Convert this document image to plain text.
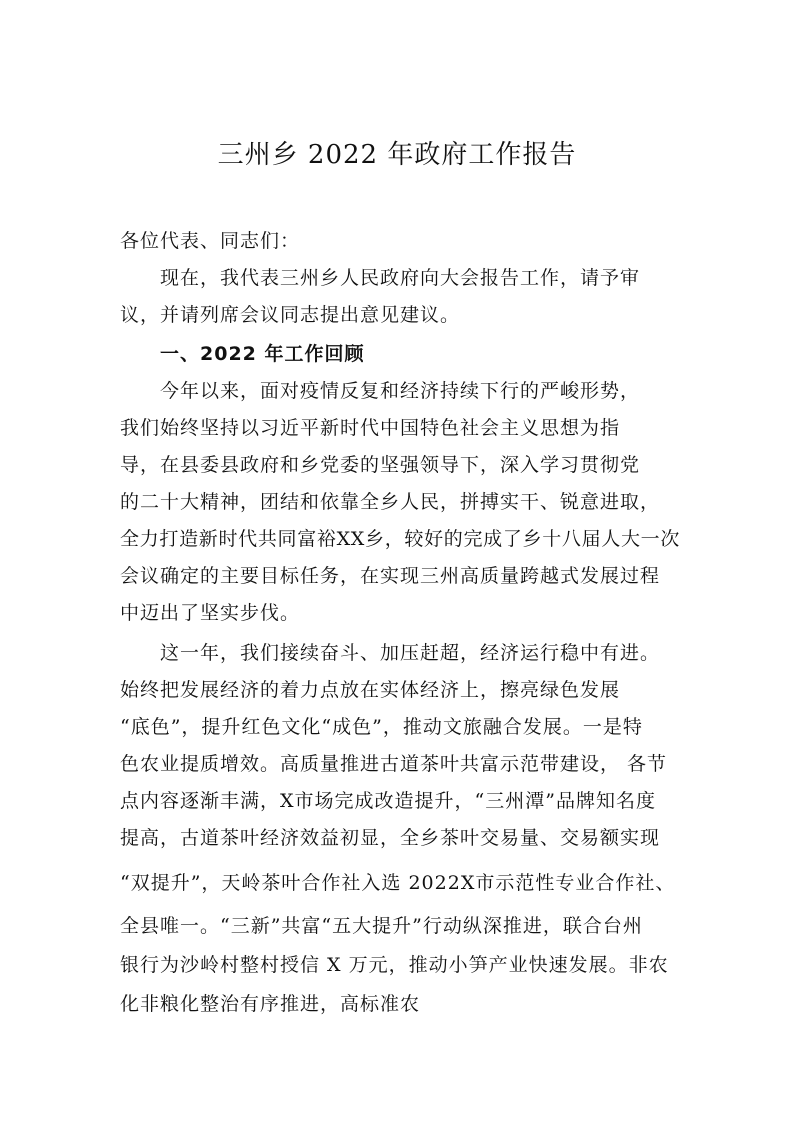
三州乡 2022 年政府工作报告
各位代表、同志们：
现在，我代表三州乡人民政府向大会报告工作，请予审
议，并请列席会议同志提出意见建议。
一、2022 年工作回顾
今年以来，面对疫情反复和经济持续下行的严峻形势，
我们始终坚持以习近平新时代中国特色社会主义思想为指
导，在县委县政府和乡党委的坚强领导下，深入学习贯彻党
的二十大精神，团结和依靠全乡人民，拼搏实干、锐意进取，
全力打造新时代共同富裕XX乡，较好的完成了乡十八届人大一次
会议确定的主要目标任务，在实现三州高质量跨越式发展过程
中迈出了坚实步伐。
这一年，我们接续奋斗、加压赶超，经济运行稳中有进。
始终把发展经济的着力点放在实体经济上，擦亮绿色发展
“底色”，提升红色文化“成色”，推动文旅融合发展。一是特
色农业提质增效。高质量推进古道茶叶共富示范带建设， 各节
点内容逐渐丰满，X市场完成改造提升，“三州潭”品牌知名度
提高，古道茶叶经济效益初显，全乡茶叶交易量、交易额实现
“双提升”，天岭茶叶合作社入选 2022X市示范性专业合作社、
全县唯一。“三新”共富“五大提升”行动纵深推进，联合台州
银行为沙岭村整村授信 X 万元，推动小笋产业快速发展。非农
化非粮化整治有序推进，高标准农
